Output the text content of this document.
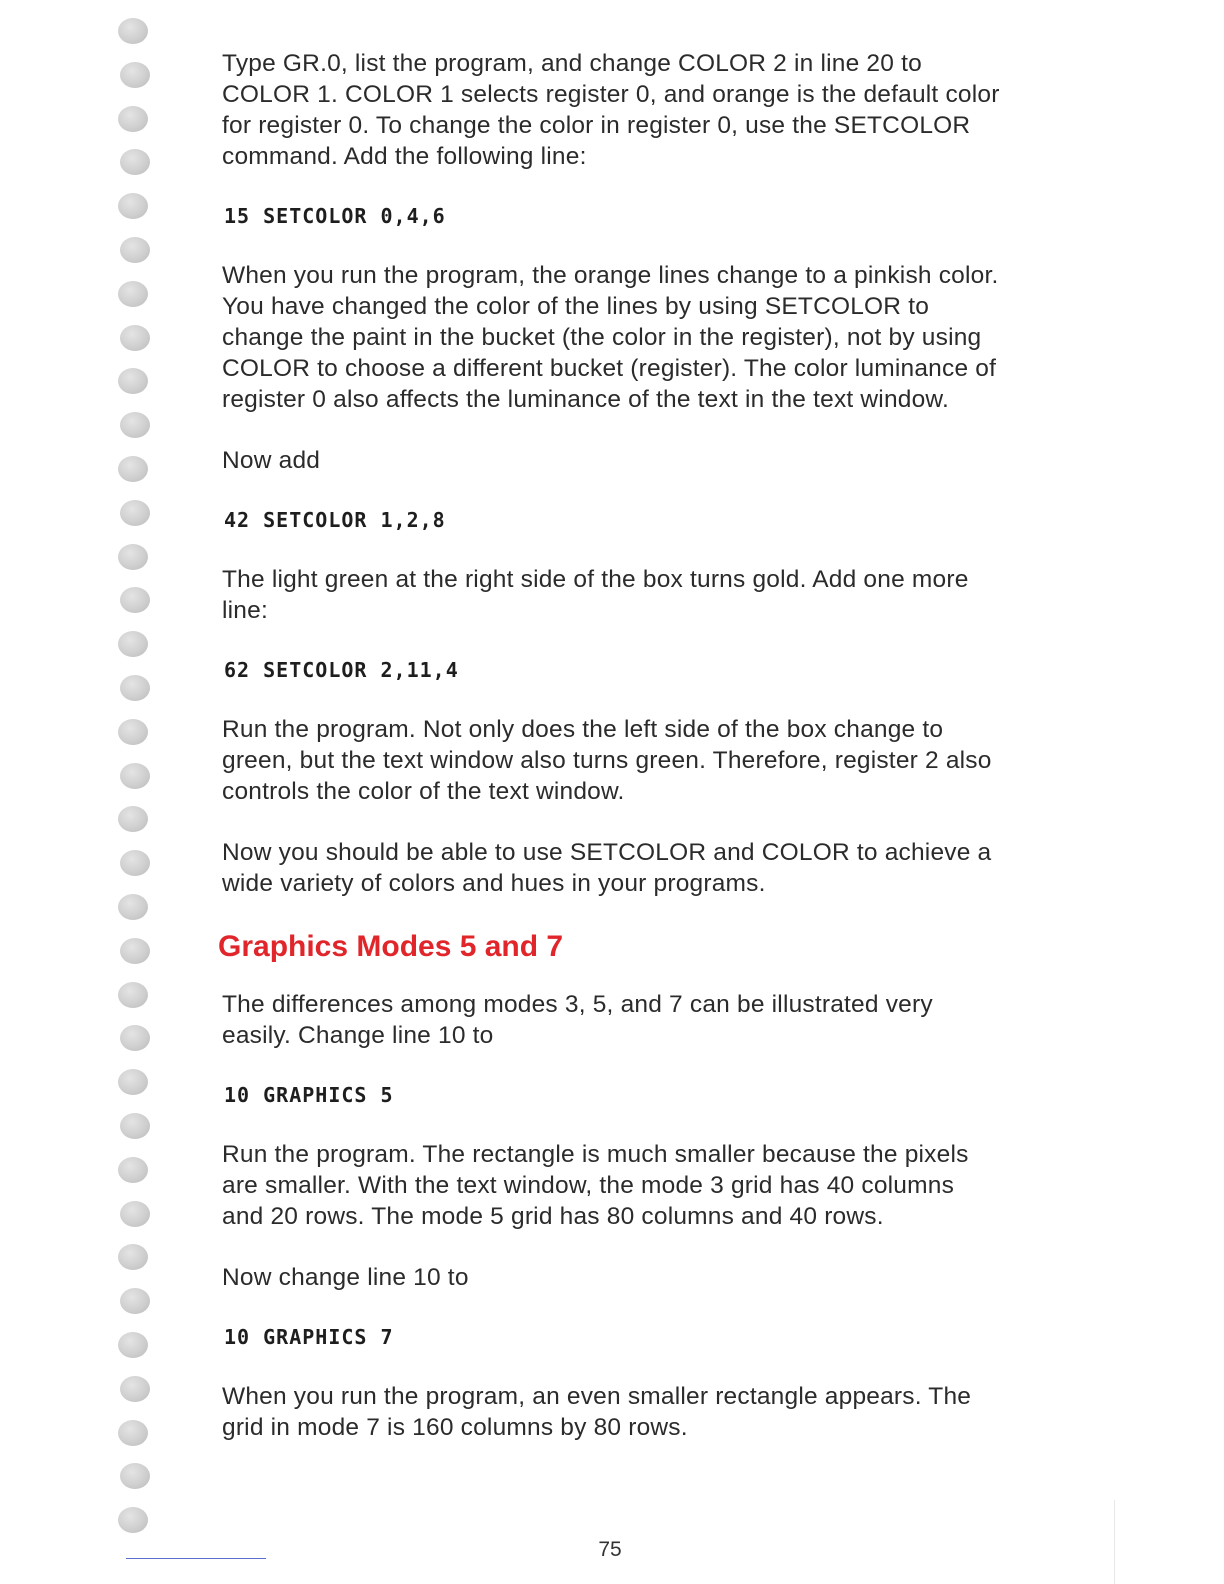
Type GR.0, list the program, and change COLOR 2 in line 20 to
COLOR 1. COLOR 1 selects register 0, and orange is the default color
for register 0. To change the color in register 0, use the SETCOLOR
command. Add the following line:

15 SETCOLOR 0,4,6

When you run the program, the orange lines change to a pinkish color.
You have changed the color of the lines by using SETCOLOR to
change the paint in the bucket (the color in the register), not by using
COLOR to choose a different bucket (register). The color luminance of
register 0 also affects the luminance of the text in the text window.

Now add

42 SETCOLOR 1,2,8

The light green at the right side of the box turns gold. Add one more
line:

62 SETCOLOR 2,11,4

Run the program. Not only does the left side of the box change to
green, but the text window also turns green. Therefore, register 2 also
controls the color of the text window.

Now you should be able to use SETCOLOR and COLOR to achieve a
wide variety of colors and hues in your programs.

Graphics Modes 5 and 7

The differences among modes 3, 5, and 7 can be illustrated very
easily. Change line 10 to

10 GRAPHICS 5

Run the program. The rectangle is much smaller because the pixels
are smaller. With the text window, the mode 3 grid has 40 columns
and 20 rows. The mode 5 grid has 80 columns and 40 rows.

Now change line 10 to

10 GRAPHICS 7

When you run the program, an even smaller rectangle appears. The
grid in mode 7 is 160 columns by 80 rows.

75
